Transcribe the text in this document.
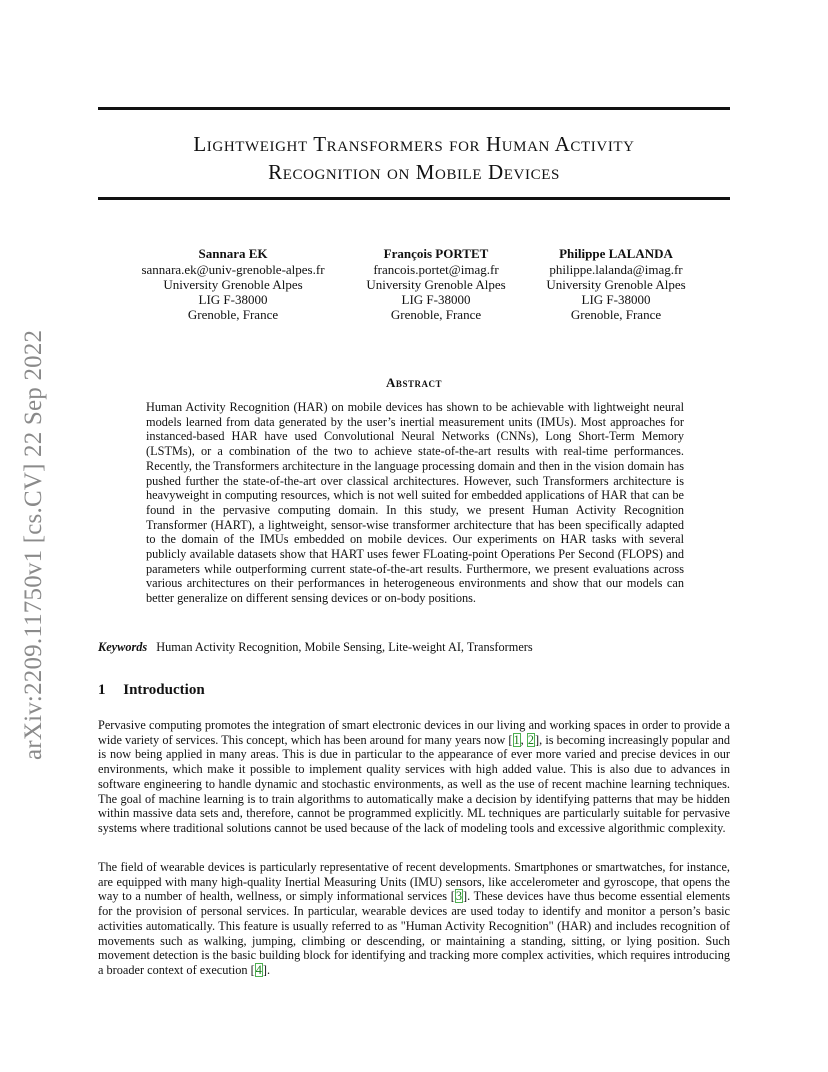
Lightweight Transformers for Human Activity
Recognition on Mobile Devices
Sannara EK
sannara.ek@univ-grenoble-alpes.fr
University Grenoble Alpes
LIG F-38000
Grenoble, France
François PORTET
francois.portet@imag.fr
University Grenoble Alpes
LIG F-38000
Grenoble, France
Philippe LALANDA
philippe.lalanda@imag.fr
University Grenoble Alpes
LIG F-38000
Grenoble, France
arXiv:2209.11750v1 [cs.CV] 22 Sep 2022	Abstract
Human Activity Recognition (HAR) on mobile devices has shown to be achievable with lightweight neural models learned from data generated by the user’s inertial measurement units (IMUs). Most approaches for instanced-based HAR have used Convolutional Neural Networks (CNNs), Long Short-Term Memory (LSTMs), or a combination of the two to achieve state-of-the-art results with real-time performances. Recently, the Transformers architecture in the language processing domain and then in the vision domain has pushed further the state-of-the-art over classical architectures. However, such Transformers architecture is heavyweight in computing resources, which is not well suited for embedded applications of HAR that can be found in the pervasive computing domain. In this study, we present Human Activity Recognition Transformer (HART), a lightweight, sensor-wise transformer architecture that has been specifically adapted to the domain of the IMUs embedded on mobile devices. Our experiments on HAR tasks with several publicly available datasets show that HART uses fewer FLoating-point Operations Per Second (FLOPS) and parameters while outperforming current state-of-the-art results. Furthermore, we present evaluations across various architectures on their performances in heterogeneous environments and show that our models can better generalize on different sensing devices or on-body positions.
Keywords Human Activity Recognition, Mobile Sensing, Lite-weight AI, Transformers
1 Introduction
Pervasive computing promotes the integration of smart electronic devices in our living and working spaces in order to provide a wide variety of services. This concept, which has been around for many years now [1, 2], is becoming increasingly popular and is now being applied in many areas. This is due in particular to the appearance of ever more varied and precise devices in our environments, which make it possible to implement quality services with high added value. This is also due to advances in software engineering to handle dynamic and stochastic environments, as well as the use of recent machine learning techniques. The goal of machine learning is to train algorithms to automatically make a decision by identifying patterns that may be hidden within massive data sets and, therefore, cannot be programmed explicitly. ML techniques are particularly suitable for pervasive systems where traditional solutions cannot be used because of the lack of modeling tools and excessive algorithmic complexity.
The field of wearable devices is particularly representative of recent developments. Smartphones or smartwatches, for instance, are equipped with many high-quality Inertial Measuring Units (IMU) sensors, like accelerometer and gyroscope, that opens the way to a number of health, wellness, or simply informational services [3]. These devices have thus become essential elements for the provision of personal services. In particular, wearable devices are used today to identify and monitor a person’s basic activities automatically. This feature is usually referred to as "Human Activity Recognition" (HAR) and includes recognition of movements such as walking, jumping, climbing or descending, or maintaining a standing, sitting, or lying position. Such movement detection is the basic building block for identifying and tracking more complex activities, which requires introducing a broader context of execution [4].
